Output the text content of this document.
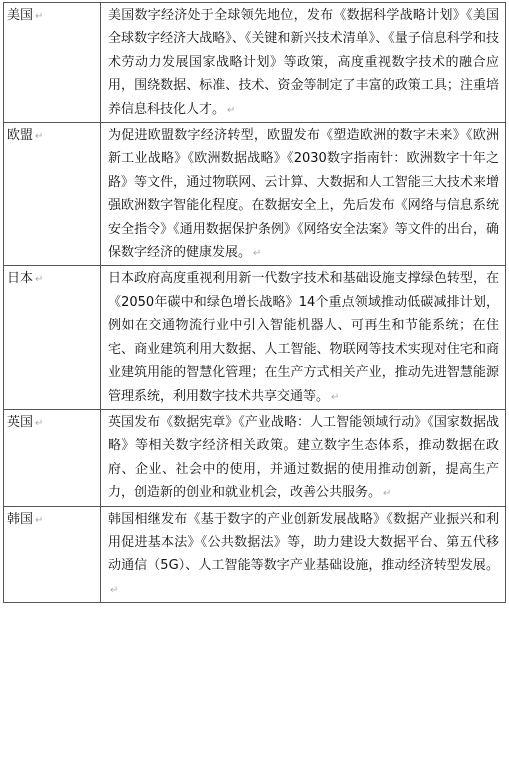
美国 ↵	美国数字经济处于全球领先地位，发布《数据科学战略计划》《美国全球数字经济大战略》、《关键和新兴技术清单》、《量子信息科学和技术劳动力发展国家战略计划》等政策，高度重视数字技术的融合应用，围绕数据、标准、技术、资金等制定了丰富的政策工具；注重培养信息科技化人才。 ↵
欧盟 ↵	为促进欧盟数字经济转型，欧盟发布《塑造欧洲的数字未来》《欧洲新工业战略》《欧洲数据战略》《2030数字指南针：欧洲数字十年之路》等文件，通过物联网、云计算、大数据和人工智能三大技术来增强欧洲数字智能化程度。在数据安全上，先后发布《网络与信息系统安全指令》《通用数据保护条例》《网络安全法案》等文件的出台，确保数字经济的健康发展。 ↵
日本 ↵	日本政府高度重视利用新一代数字技术和基础设施支撑绿色转型，在《2050年碳中和绿色增长战略》14个重点领域推动低碳减排计划，例如在交通物流行业中引入智能机器人、可再生和节能系统；在住宅、商业建筑利用大数据、人工智能、物联网等技术实现对住宅和商业建筑用能的智慧化管理；在生产方式相关产业，推动先进智慧能源管理系统，利用数字技术共享交通等。 ↵
英国 ↵	英国发布《数据宪章》《产业战略：人工智能领域行动》《国家数据战略》等相关数字经济相关政策。建立数字生态体系，推动数据在政府、企业、社会中的使用，并通过数据的使用推动创新，提高生产力，创造新的创业和就业机会，改善公共服务。 ↵
韩国 ↵	韩国相继发布《基于数字的产业创新发展战略》《数据产业振兴和利用促进基本法》《公共数据法》等，助力建设大数据平台、第五代移动通信（5G）、人工智能等数字产业基础设施，推动经济转型发展。↵
